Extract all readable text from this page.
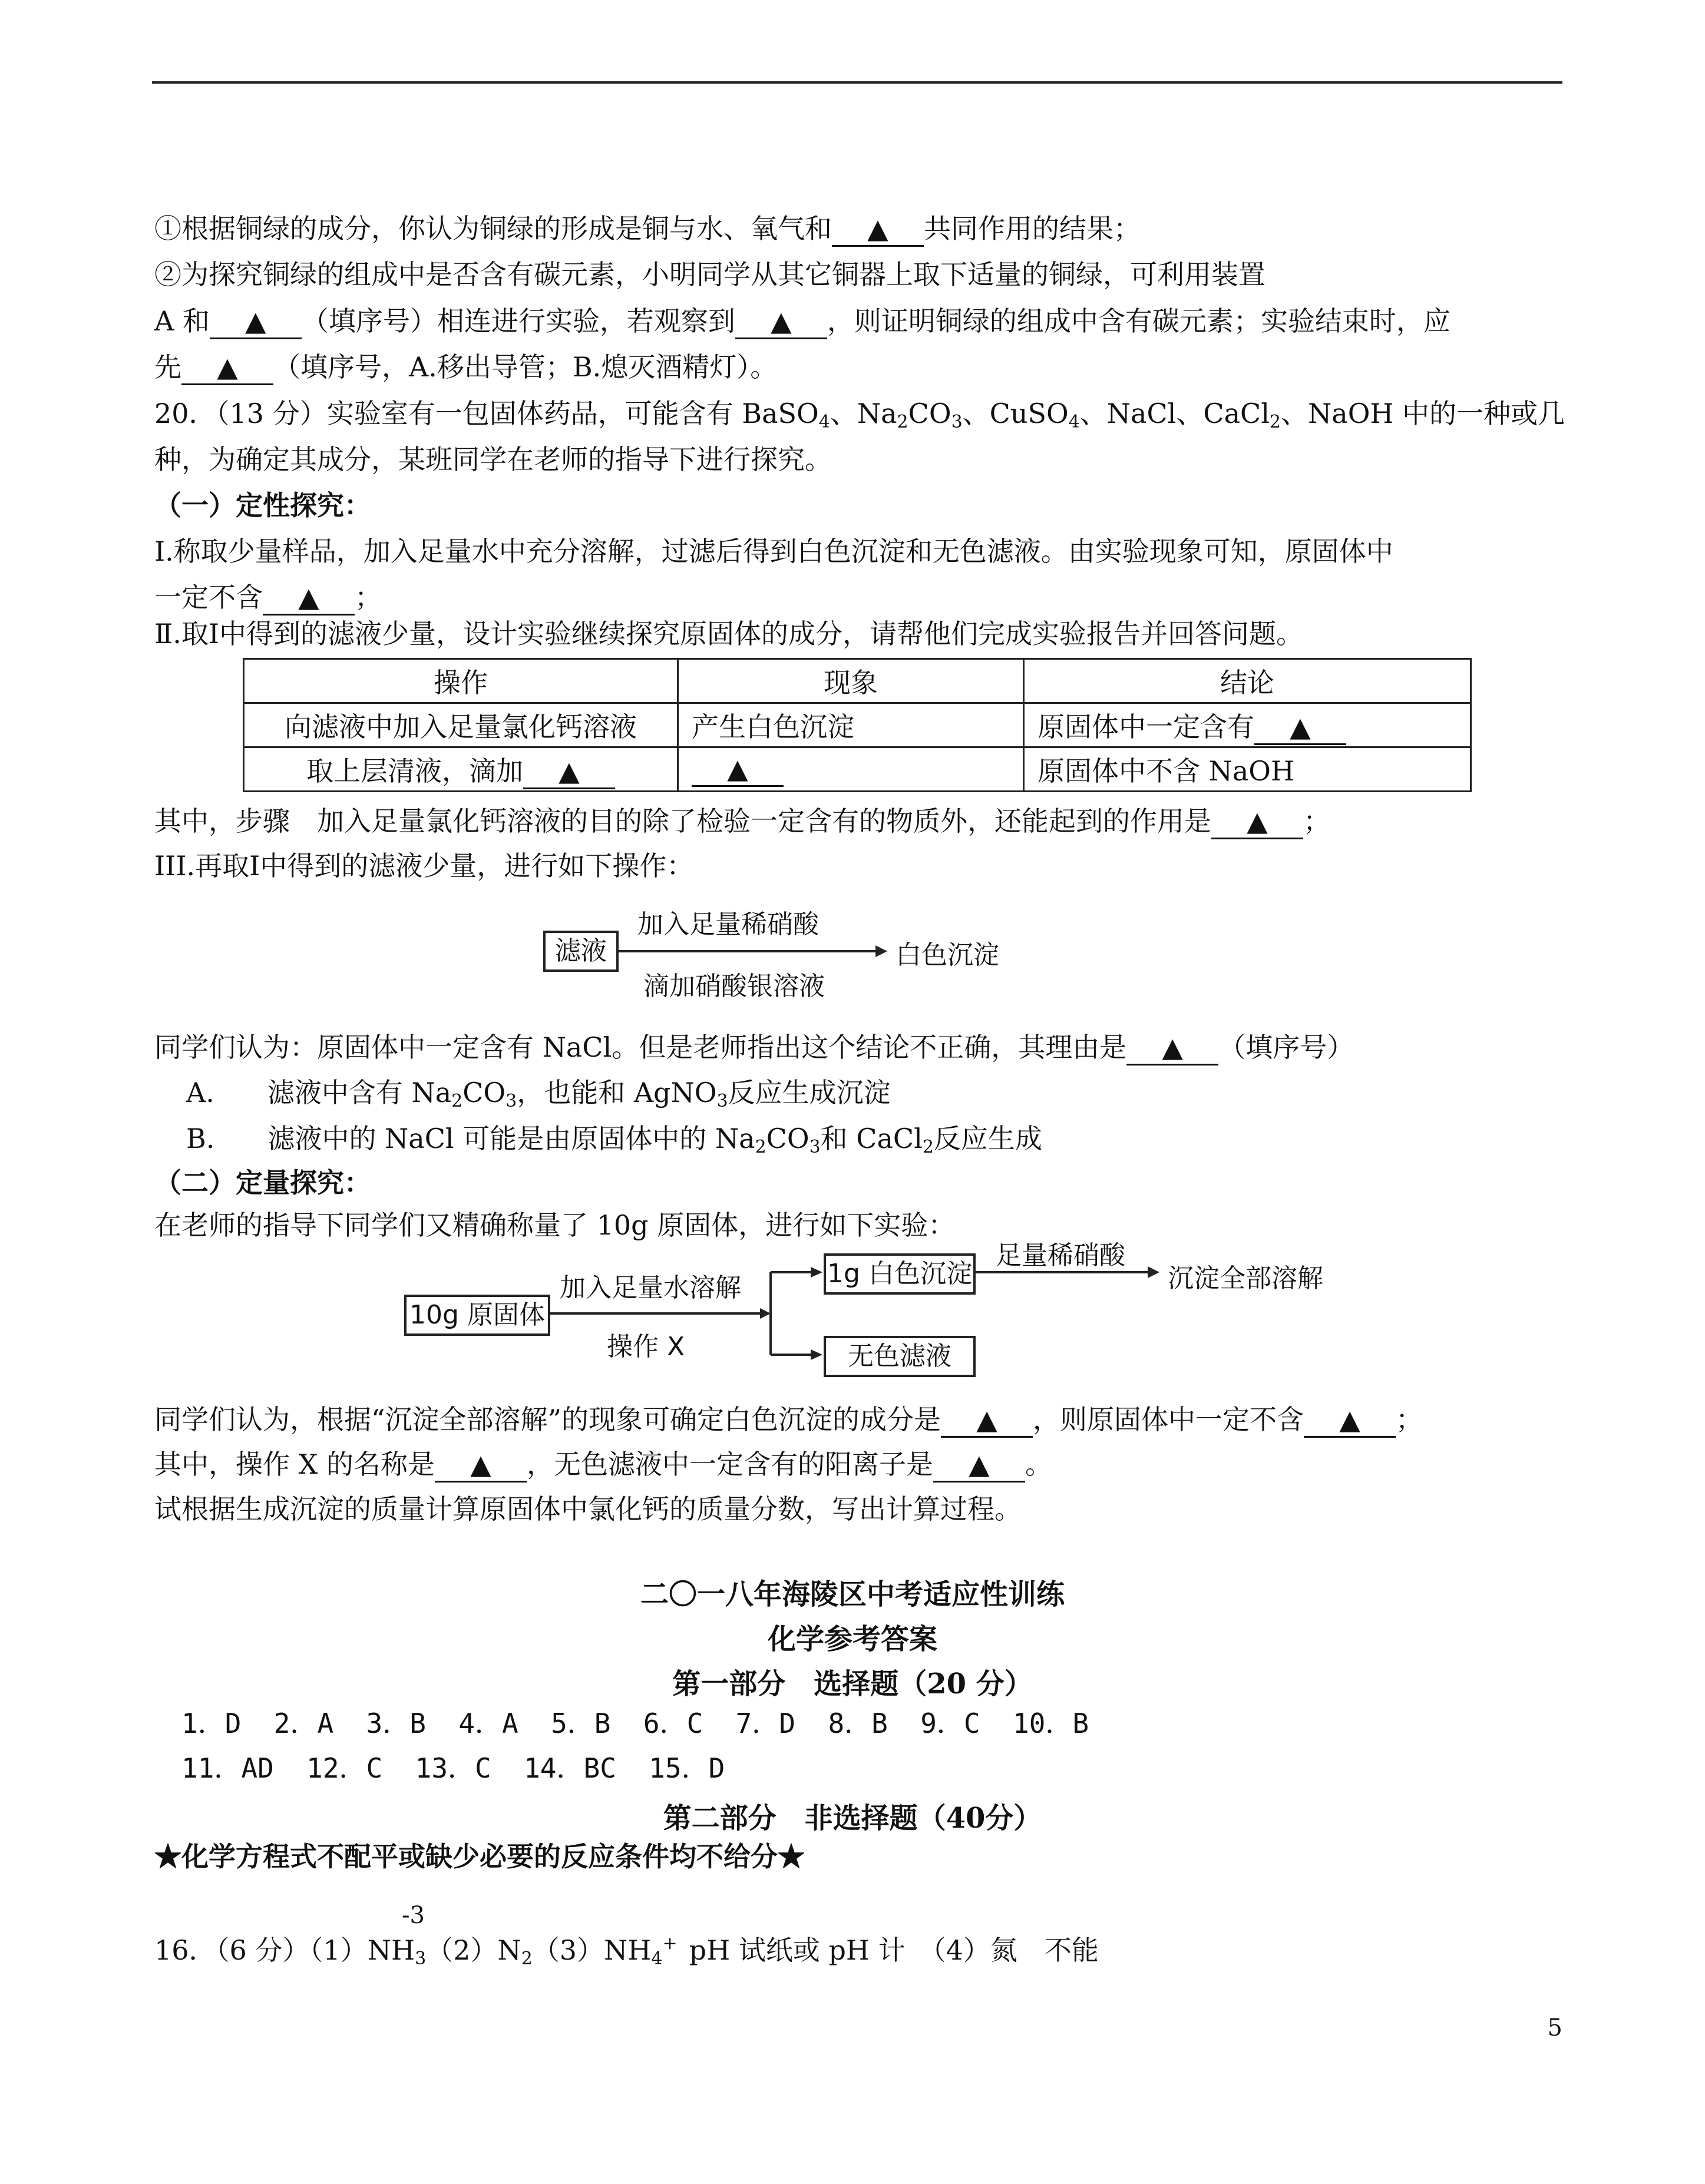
①根据铜绿的成分，你认为铜绿的形成是铜与水、氧气和 ▲ 共同作用的结果；
②为探究铜绿的组成中是否含有碳元素，小明同学从其它铜器上取下适量的铜绿，可利用装置
A 和 ▲ （填序号）相连进行实验，若观察到 ▲ ，则证明铜绿的组成中含有碳元素；实验结束时，应
先 ▲ （填序号，A.移出导管；B.熄灭酒精灯）。
20．（13 分）实验室有一包固体药品，可能含有 BaSO$_4$、$Na_2CO_3$、CuSO$_4$、NaCl、CaCl$_2$、NaOH 中的一种或几
种，为确定其成分，某班同学在老师的指导下进行探究。
（一）定性探究：
Ⅰ.称取少量样品，加入足量水中充分溶解，过滤后得到白色沉淀和无色滤液。由实验现象可知，原固体中
一定不含 ▲ ；
Ⅱ.取Ⅰ中得到的滤液少量，设计实验继续探究原固体的成分，请帮他们完成实验报告并回答问题。
操作	现象	结论
向滤液中加入足量氯化钙溶液	产生白色沉淀	原固体中一定含有 ▲
取上层清液，滴加 ▲	▲	原固体中不含 NaOH
其中，步骤　加入足量氯化钙溶液的目的除了检验一定含有的物质外，还能起到的作用是 ▲ ；
III.再取Ⅰ中得到的滤液少量，进行如下操作：
滤液
加入足量稀硝酸
滴加硝酸银溶液
白色沉淀
同学们认为：原固体中一定含有 NaCl。但是老师指出这个结论不正确，其理由是 ▲ （填序号）
A. 滤液中含有 $Na_2CO_3$，也能和 AgNO$_3$反应生成沉淀
B. 滤液中的 NaCl 可能是由原固体中的 $Na_2CO_3$和 CaCl$_2$反应生成
（二）定量探究：
在老师的指导下同学们又精确称量了 10g 原固体，进行如下实验：
10g 原固体
加入足量水溶解
操作 X
1g 白色沉淀
无色滤液
足量稀硝酸
沉淀全部溶解
同学们认为，根据“沉淀全部溶解”的现象可确定白色沉淀的成分是 ▲ ，则原固体中一定不含 ▲ ；
其中，操作 X 的名称是 ▲ ，无色滤液中一定含有的阳离子是 ▲ 。
试根据生成沉淀的质量计算原固体中氯化钙的质量分数，写出计算过程。
二〇一八年海陵区中考适应性训练
化学参考答案
第一部分　选择题（20 分）
1．D  2．A  3．B  4．A  5．B  6．C  7．D  8．B  9．C  10．B
11．AD  12．C  13．C  14．BC  15．D
第二部分　非选择题（40分）
★化学方程式不配平或缺少必要的反应条件均不给分★
-3
16．（6 分）$(1)NH_3(2)N_2(3)NH_4^+$ pH 试纸或 pH 计　（4）氮　不能
5
